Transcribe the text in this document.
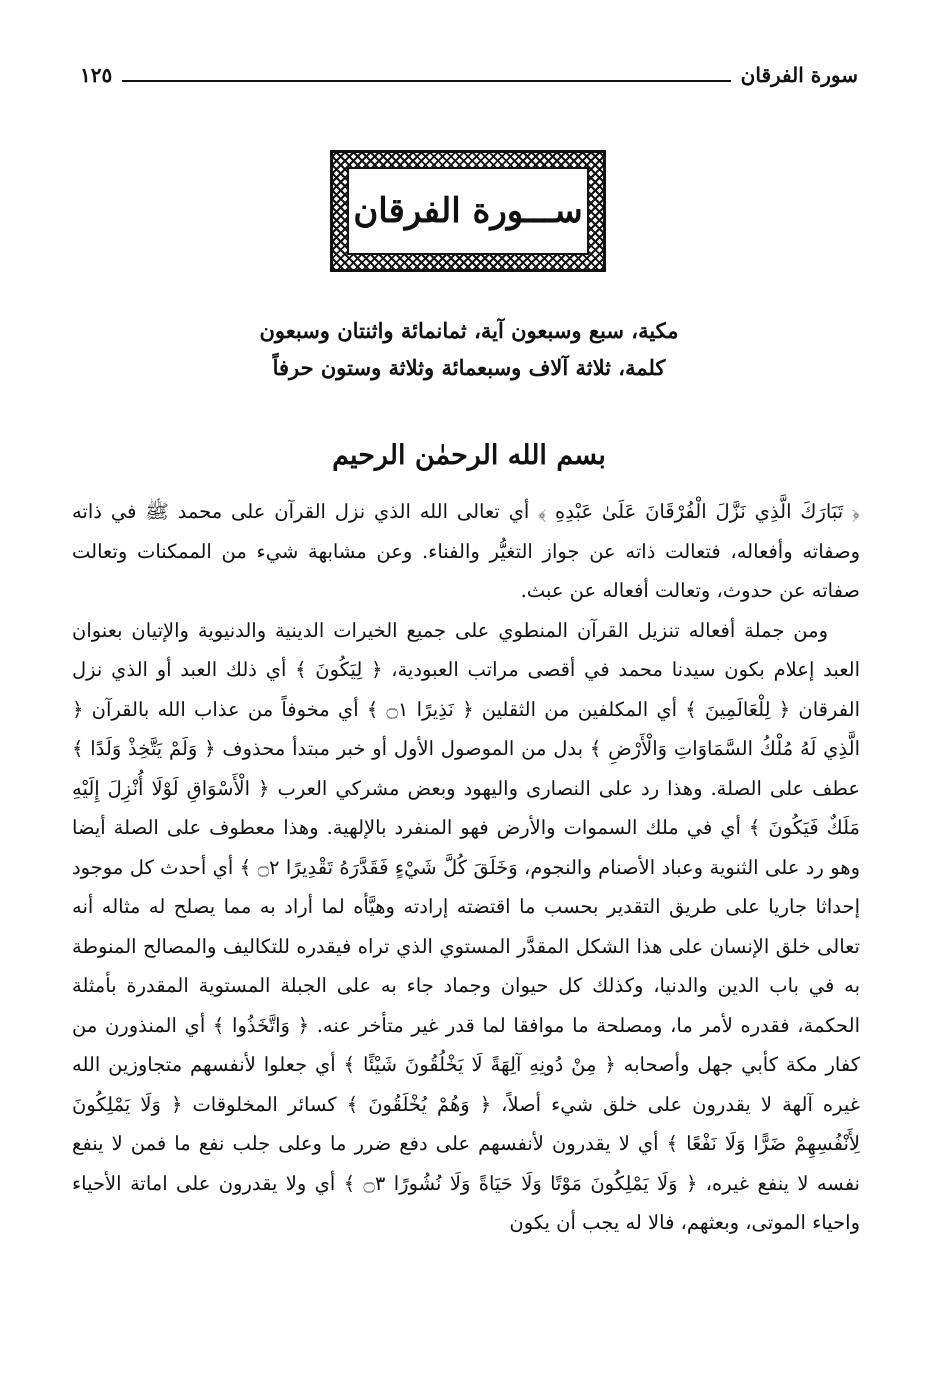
سورة الفرقان
١٢٥
ســـورة الفرقان
مكية، سبع وسبعون آية، ثمانمائة واثنتان وسبعون
كلمة، ثلاثة آلاف وسبعمائة وثلاثة وستون حرفاً
بسم الله الرحمٰن الرحيم

﴿ تَبَارَكَ الَّذِي نَزَّلَ الْفُرْقَانَ عَلَىٰ عَبْدِهِ ﴾ أي تعالى الله الذي نزل القرآن على محمد ﷺ في ذاته وصفاته وأفعاله، فتعالت ذاته عن جواز التغيُّر والفناء. وعن مشابهة شيء من الممكنات وتعالت صفاته عن حدوث، وتعالت أفعاله عن عبث.

ومن جملة أفعاله تنزيل القرآن المنطوي على جميع الخيرات الدينية والدنيوية والإتيان بعنوان العبد إعلام بكون سيدنا محمد في أقصى مراتب العبودية، ﴿ لِيَكُونَ ﴾ أي ذلك العبد أو الذي نزل الفرقان ﴿ لِلْعَالَمِينَ ﴾ أي المكلفين من الثقلين ﴿ نَذِيرًا ۝١ ﴾ أي مخوفاً من عذاب الله بالقرآن ﴿ الَّذِي لَهُ مُلْكُ السَّمَاوَاتِ وَالْأَرْضِ ﴾ بدل من الموصول الأول أو خبر مبتدأ محذوف ﴿ وَلَمْ يَتَّخِذْ وَلَدًا ﴾ عطف على الصلة. وهذا رد على النصارى واليهود وبعض مشركي العرب ﴿ الْأَسْوَاقِ لَوْلَا أُنْزِلَ إِلَيْهِ مَلَكٌ فَيَكُونَ ﴾ أي في ملك السموات والأرض فهو المنفرد بالإلهية. وهذا معطوف على الصلة أيضا وهو رد على الثنوية وعباد الأصنام والنجوم، وَخَلَقَ كُلَّ شَيْءٍ فَقَدَّرَهُ تَقْدِيرًا ۝٢ ﴾ أي أحدث كل موجود إحداثا جاريا على طريق التقدير بحسب ما اقتضته إرادته وهيَّأه لما أراد به مما يصلح له مثاله أنه تعالى خلق الإنسان على هذا الشكل المقدَّر المستوي الذي تراه فيقدره للتكاليف والمصالح المنوطة به في باب الدين والدنيا، وكذلك كل حيوان وجماد جاء به على الجبلة المستوية المقدرة بأمثلة الحكمة، فقدره لأمر ما، ومصلحة ما موافقا لما قدر غير متأخر عنه. ﴿ وَاتَّخَذُوا ﴾ أي المنذورن من كفار مكة كأبي جهل وأصحابه ﴿ مِنْ دُونِهِ آلِهَةً لَا يَخْلُقُونَ شَيْئًا ﴾ أي جعلوا لأنفسهم متجاوزين الله غيره آلهة لا يقدرون على خلق شيء أصلاً، ﴿ وَهُمْ يُخْلَقُونَ ﴾ كسائر المخلوقات ﴿ وَلَا يَمْلِكُونَ لِأَنْفُسِهِمْ ضَرًّا وَلَا نَفْعًا ﴾ أي لا يقدرون لأنفسهم على دفع ضرر ما وعلى جلب نفع ما فمن لا ينفع نفسه لا ينفع غيره، ﴿ وَلَا يَمْلِكُونَ مَوْتًا وَلَا حَيَاةً وَلَا نُشُورًا ۝٣ ﴾ أي ولا يقدرون على اماتة الأحياء واحياء الموتى، وبعثهم، فالا له يجب أن يكون
